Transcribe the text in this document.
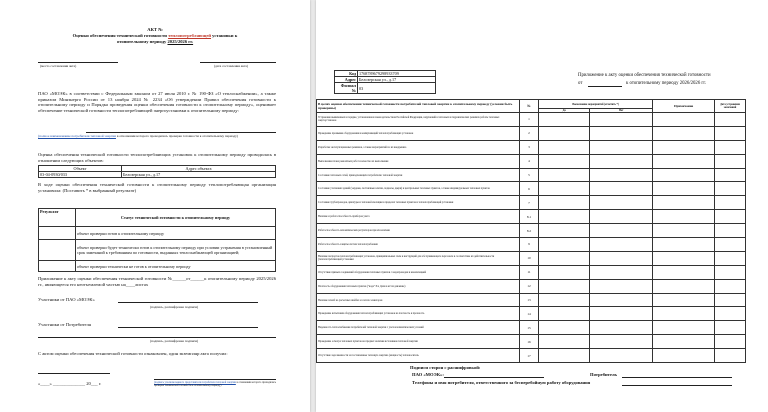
АКТ №
Оценки обеспечения технической готовности теплопотребляющей установки к
отопительному периоду 2025/2026 гг.
(место составления акта)	(дата составления акта)
ПАО «МОЭК» в соответствии с Федеральным законом от 27 июля 2010 г. № 190-ФЗ «О теплоснабжении», а также приказом Минэнерго России от 13 ноября 2024 № 2234 «Об утверждении Правил обеспечения готовности к отопительному периоду и Порядка проведения оценки обеспечения готовности к отопительному периоду», оценивает обеспечение технической готовности теплопотребляющей энергоустановки к отопительному периоду:
(полное наименование потребителя тепловой энергии в отношении которого проводилась проверка готовности к отопительному периоду)
Оценка обеспечения технической готовности теплопотребляющих установок к отопительному периоду проводилась в отношении следующих объектов:
Объект	Адрес объекта
03-04-0930/033	Белозерская ул., д.17
В ходе оценки обеспечения технической готовности к отопительному периоду теплопотребляющая организация установила: (Поставить * в выбранный результат)
Результат	Статус технической готовности к отопительному периоду
	объект проверки готов к отопительному периоду
	объект проверки будет технически готов к отопительному периоду при условии устранения в установленный срок замечаний к требованиям по готовности, выданных теплоснабжающей организацией;
	объект проверки технически не готов к отопительному периоду
Приложение к акту оценки обеспечения технической готовности №______от______к отопительному периоду 2025/2026 гг., являющееся его неотъемлемой частью на____листах
Участники от ПАО «МОЭК»
(подпись, расшифровка подписи)
Участники от Потребителя
(подпись, расшифровка подписи)
С актом оценки обеспечения технической готовности ознакомлен, один экземпляр акта получил:
«____» ______________ 20___ г.	(подпись уполномоченного представителя потребителя тепловой энергии в отношении которого проводилась проверка технической готовности к отопительному периоду)
Код	1768789679298933709
Адрес	Белозерская ул., д.17
Филиал №	03
Приложение к акту оценки обеспечения технической готовности
от	к отопительному периоду 2026/2026 гг.
В целях оценки обеспечения технической готовности потребителей тепловой энергии к отопительному периоду (условия быть проверены)	№	Выполнение мероприятий (отметить *)		Примечание	Дата устранения замечаний
		Да	Нет		
Устранение выявленных в порядке, установленном законодательством Российской Федерации, нарушений в тепловых и гидравлических режимах работы тепловых энергоустановок	1				
Проведение промывки оборудования и коммуникаций теплопотребляющих установок	2				
Разработка эксплуатационных режимов, а также мероприятий по их внедрению	3				
Выполнение плана ремонтных работ и качество их выполнения	4				
Состояние тепловых сетей, принадлежащих потребителю тепловой энергии	5				
Состояние утепления зданий (чердаки, лестничные клетки, подвалы, двери) и центральных тепловых пунктов, а также индивидуальных тепловых пунктов	6				
Состояние трубопроводов, арматуры и тепловой изоляции в пределах тепловых пунктов и теплопотребляющей установки	7				
Наличие и работоспособность приборов учета	8.1				
Работоспособность автоматических регуляторов при их наличии	8.2				
Работоспособность защиты систем теплопотребления	9				
Наличие паспортов теплопотребляющих установок, принципиальных схем и инструкций для обслуживающего персонала и соответствие их действительности (теплопотребляющей установки	10				
Отсутствие прямых соединений оборудования тепловых пунктов с водопроводом и канализацией	11				
Плотность оборудования тепловых пунктов ("вода" Р и Д,мм в кг/см давление)	12				
Наличие пломб на расчетных шайбах и соплах элеваторов	13				
Проведение испытания оборудования теплопотребляющих установок на плотность и прочность	14				
Надежность теплоснабжения потребителей тепловой энергии с учетом климатических условий	15				
Проведение осмотра тепловых пунктов на предмет наличия источников тепловой энергии	16				
Отсутствие задолженности за поставленные тепловую энергию (мощность) теплоноситель	17				
Подписи сторон с расшифровкой:
ПАО «МОЭК»:	Потребитель
Телефоны и имя потребителя, ответственного за бесперебойную работу оборудования
